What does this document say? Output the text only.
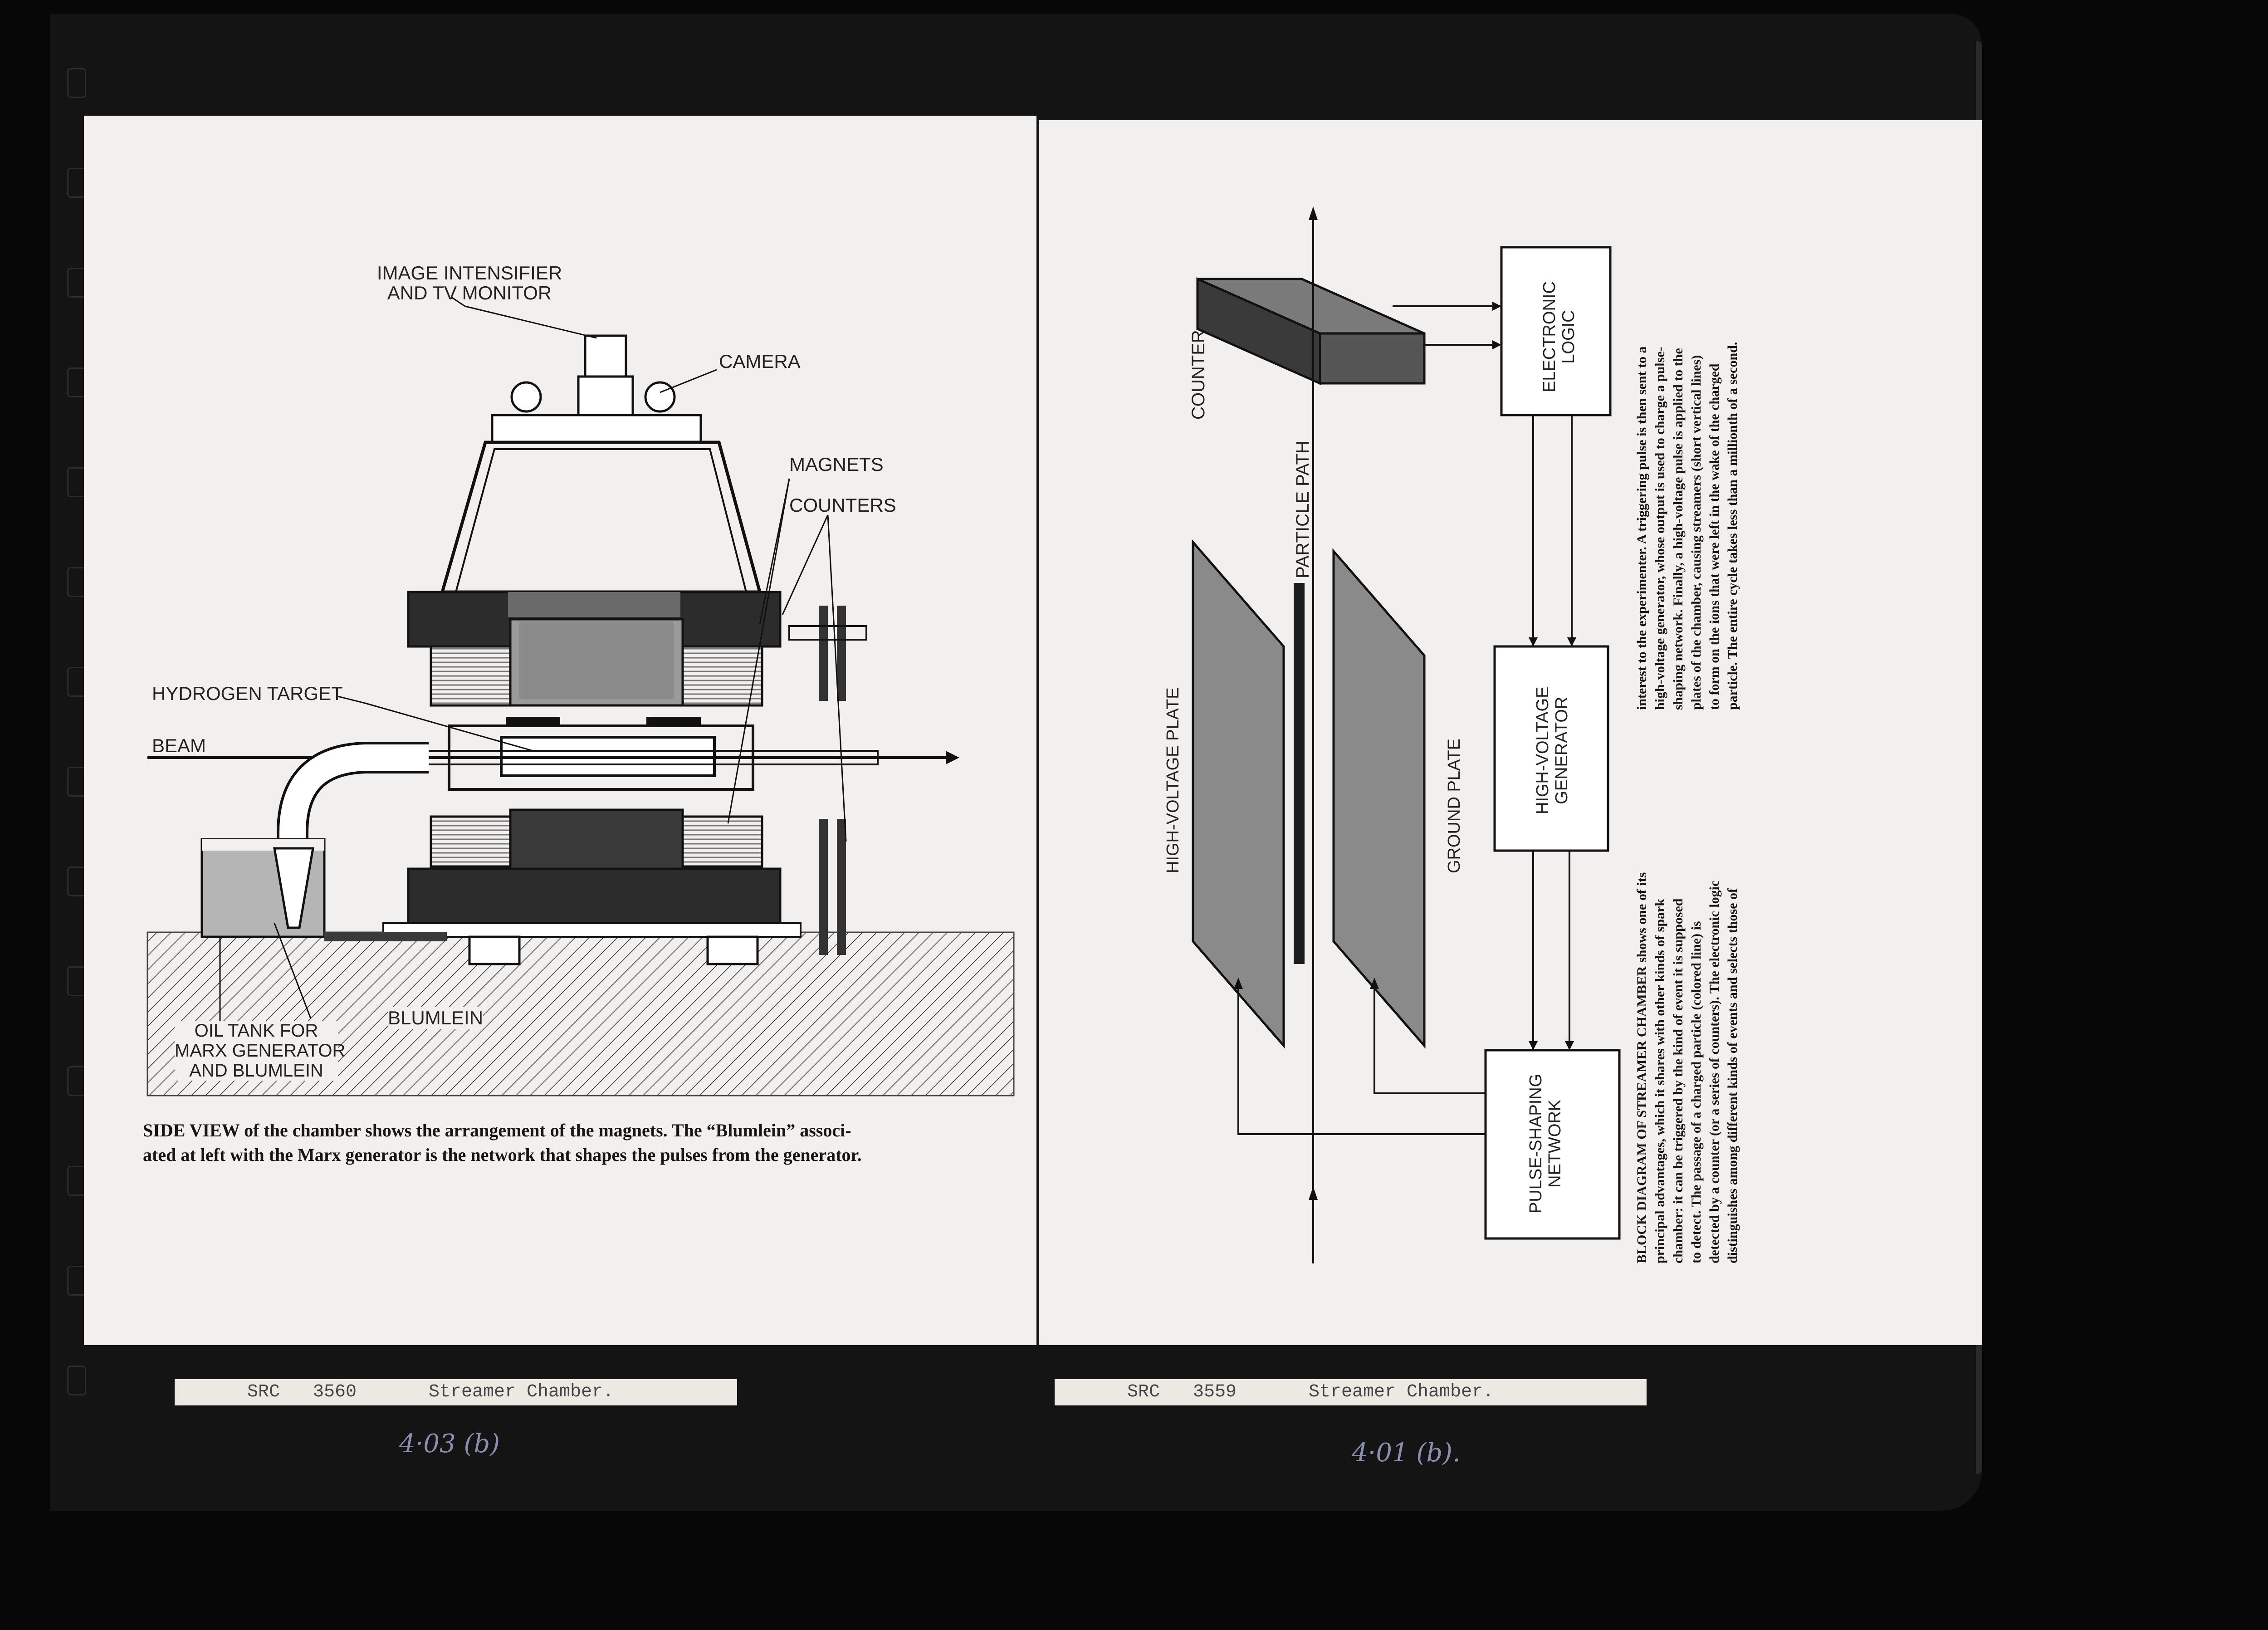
IMAGE INTENSIFIER
AND TV MONITOR
CAMERA
MAGNETS
COUNTERS
HYDROGEN TARGET
BEAM
BLUMLEIN
OIL TANK FOR
MARX GENERATOR
AND BLUMLEIN
SIDE VIEW of the chamber shows the arrangement of the magnets. The “Blumlein” associ-
ated at left with the Marx generator is the network that shapes the pulses from the generator.
COUNTER
PARTICLE PATH
ELECTRONIC LOGIC
HIGH-VOLTAGE PLATE	GROUND PLATE	HIGH-VOLTAGE GENERATOR
PULSE-SHAPING NETWORK	BLOCK DIAGRAM OF STREAMER CHAMBER shows one of its principal advantages, which it shares with other kinds of spark chamber: it can be triggered by the kind of event it is supposed to detect. The passage of a charged particle (colored line) is detected by a counter (or a series of counters). The electronic logic distinguishes among different kinds of events and selects those of
interest to the experimenter. A triggering pulse is then sent to a high-voltage generator, whose output is used to charge a pulse- shaping network. Finally, a high-voltage pulse is applied to the plates of the chamber, causing streamers (short vertical lines) to form on the ions that were left in the wake of the charged particle. The entire cycle takes less than a millionth of a second.
SRC 3560	Streamer Chamber.
4·03 (b)
SRC 3559	Streamer Chamber.
4·01 (b).
